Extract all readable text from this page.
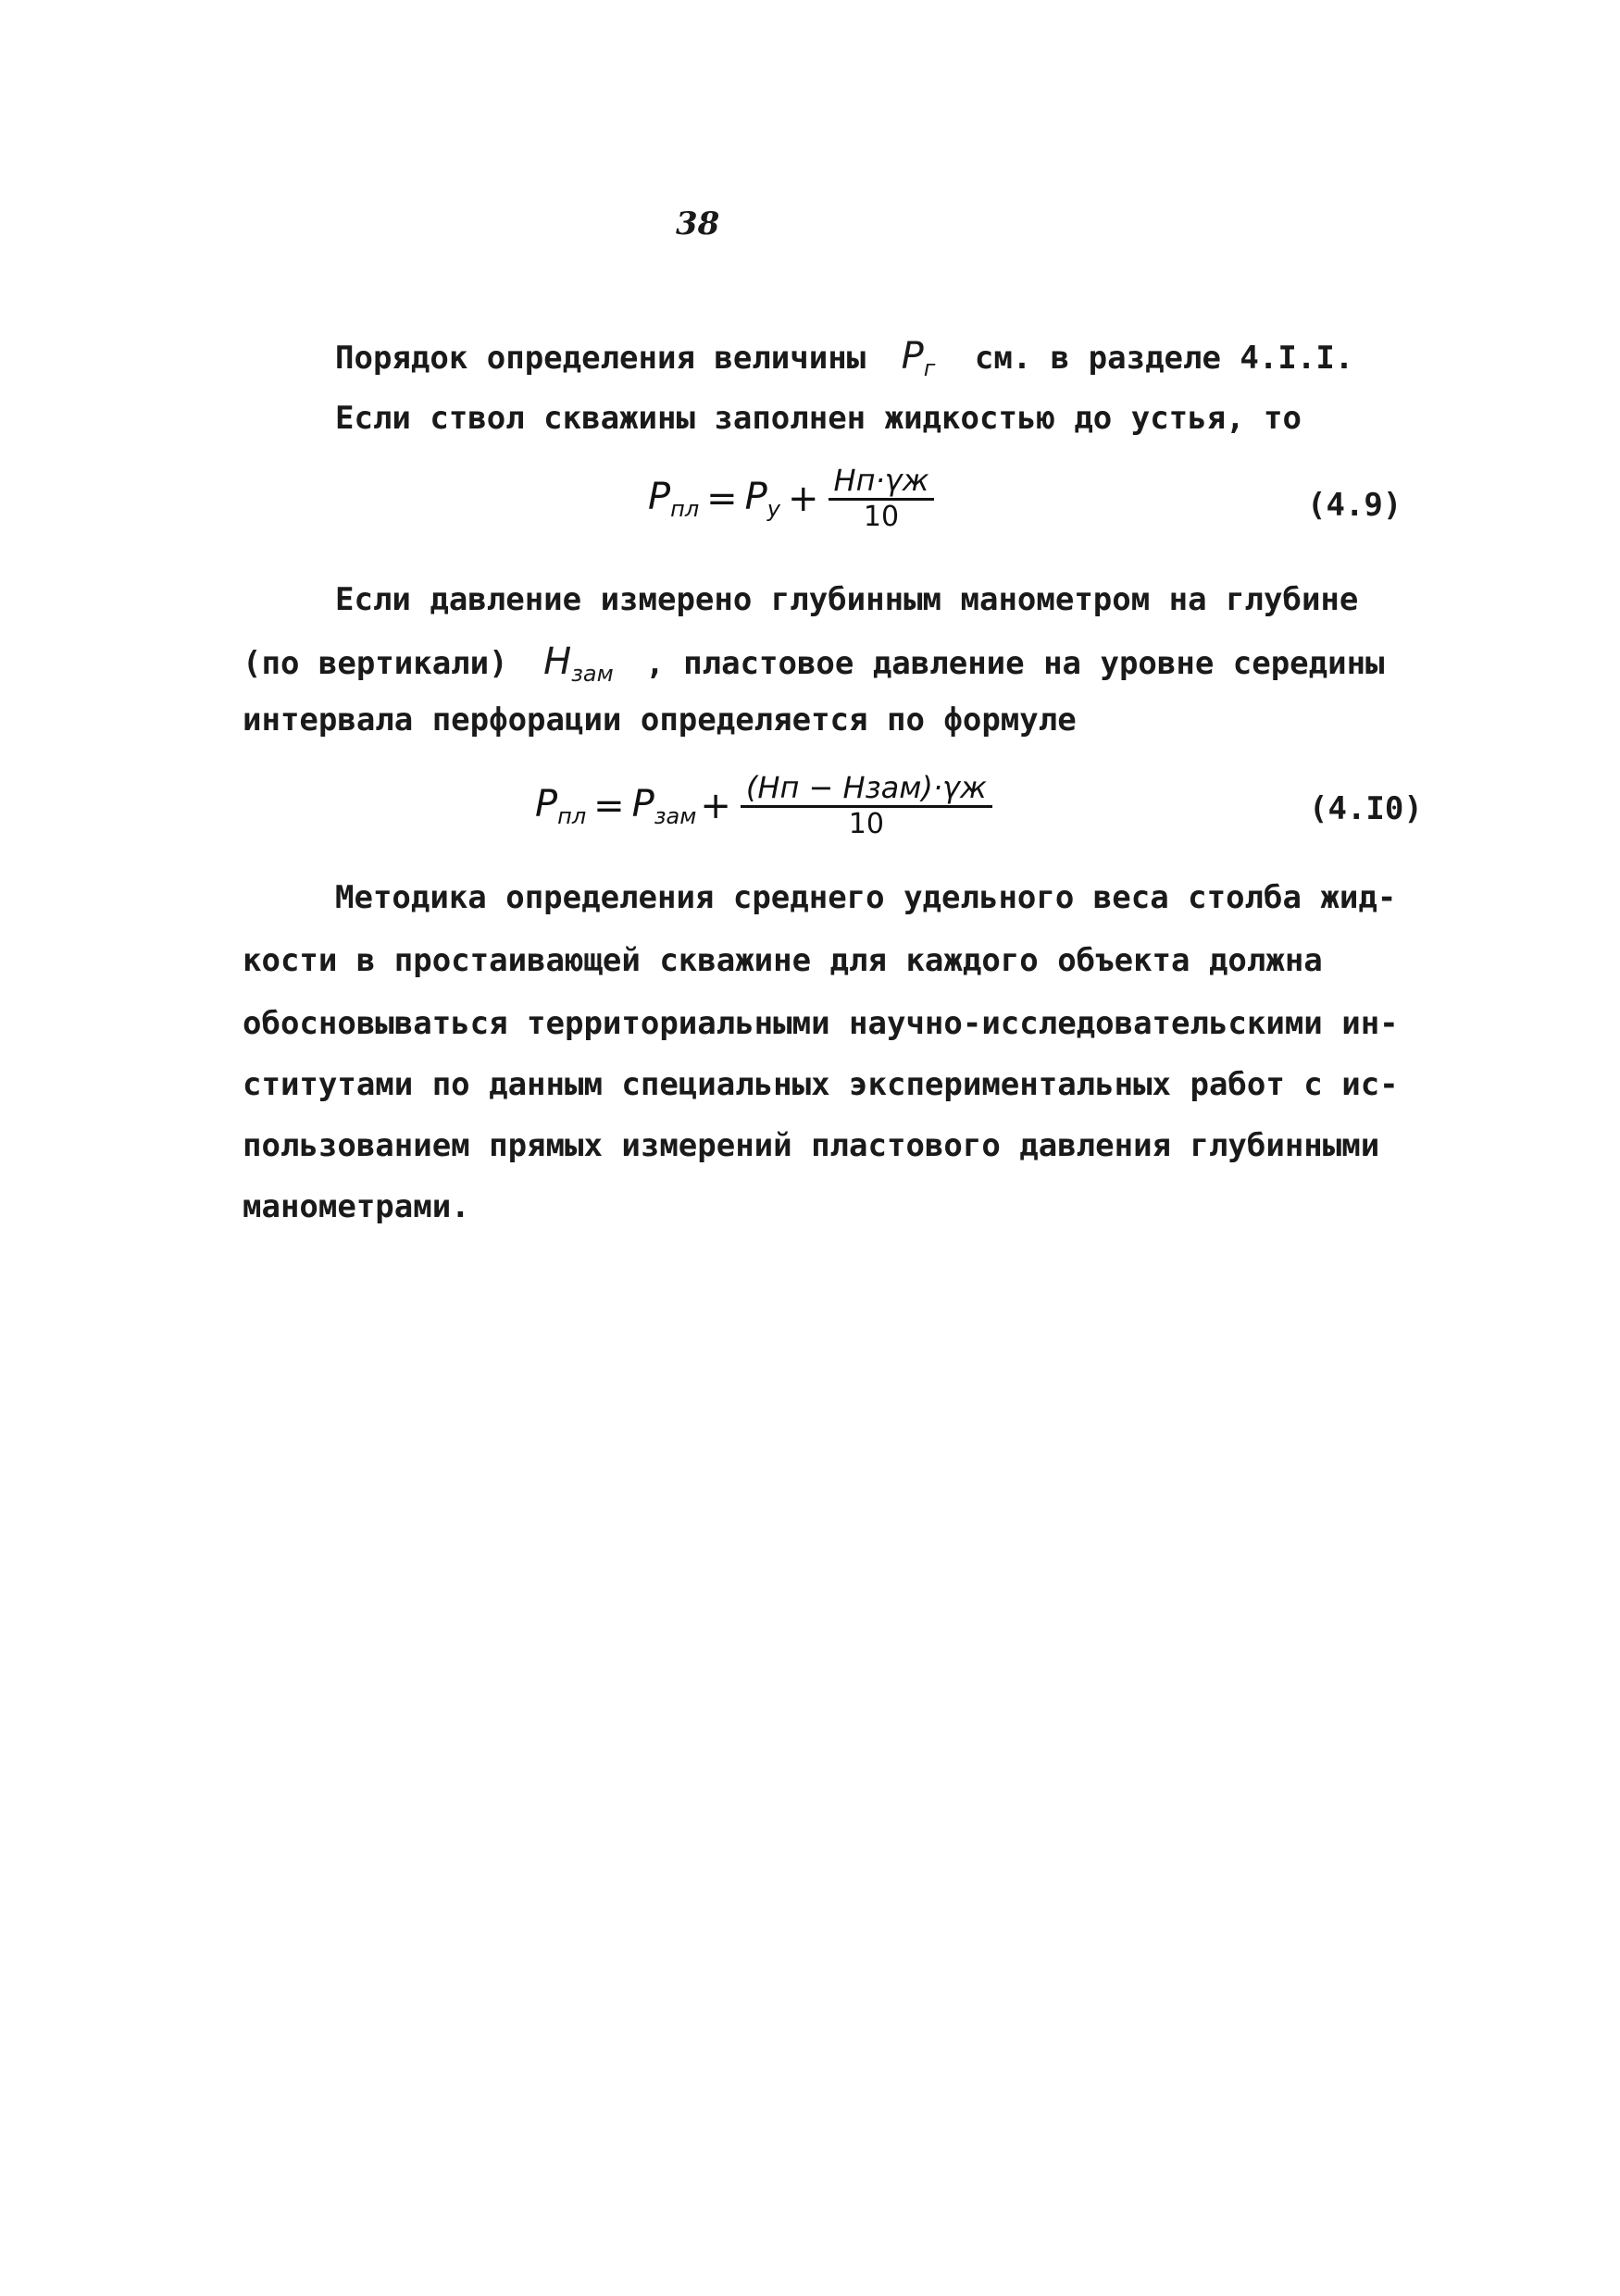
38
Порядок определения величины $P_г$ см. в разделе 4.I.I.
Если ствол скважины заполнен жидкостью до устья, то
$P_{пл} = P_у + \frac{Hп\cdot\gamma ж}{10}$	(4.9)
Если давление измерено глубинным манометром на глубине
(по вертикали) $H_{зам}$ , пластовое давление на уровне середины
интервала перфорации определяется по формуле
$P_{пл} = P_{зам} + \frac{\text{(Hп − Hзам)·γж}}{10}$	(4.I0)
Методика определения среднего удельного веса столба жид-
кости в простаивающей скважине для каждого объекта должна
обосновываться территориальными научно-исследовательскими ин-
ститутами по данным специальных экспериментальных работ с ис-
пользованием прямых измерений пластового давления глубинными
манометрами.
